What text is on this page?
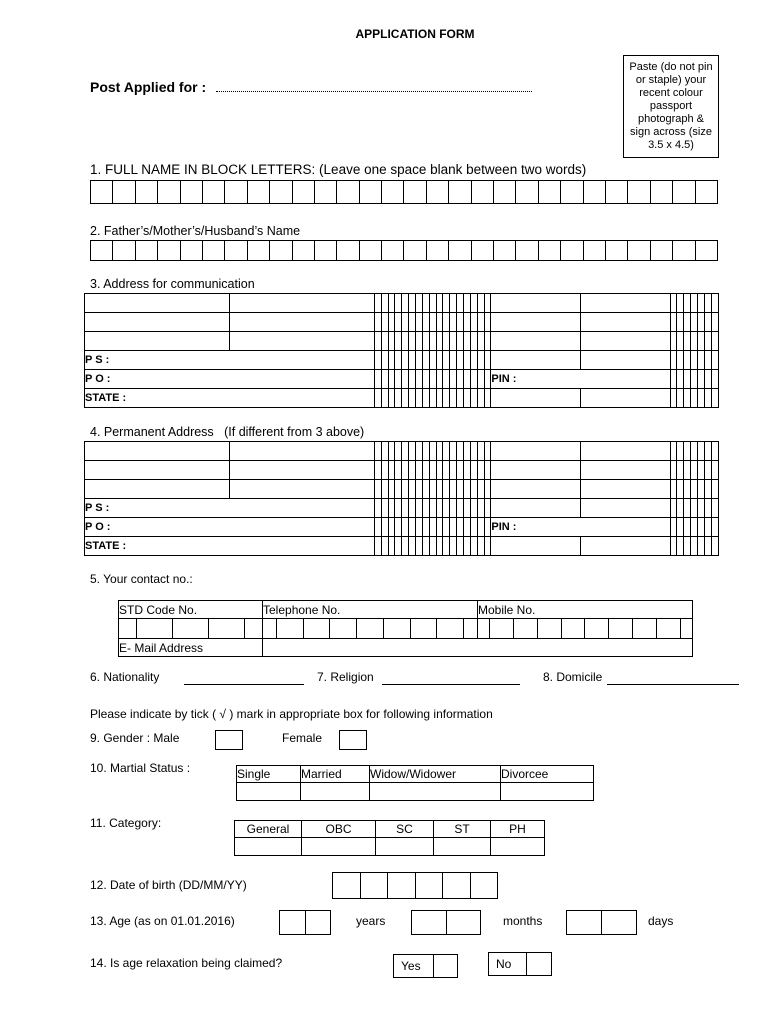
APPLICATION FORM
Post Applied for :
Paste (do not pin or staple) your recent colour passport photograph & sign across (size 3.5 x 4.5)
1. FULL NAME IN BLOCK LETTERS: (Leave one space blank between two words)

2. Father’s/Mother’s/Husband’s Name

3. Address for communication

P S :																											
P O :																			PIN :								
STATE :																											
4. Permanent Address (If different from 3 above)

P S :																											
P O :																			PIN :								
STATE :																											
5. Your contact no.:
STD Code No.	Telephone No.	Mobile No.

E- Mail Address	
6. Nationality	7. Religion	8. Domicile
Please indicate by tick ( √ ) mark in appropriate box for following information
9. Gender : Male	Female
10. Martial Status :	Single	Married	Widow/Widower	Divorcee

11. Category:	General	OBC	SC	ST	PH

12. Date of birth (DD/MM/YY)

13. Age (as on 01.01.2016)
		years
		months
		days
14. Is age relaxation being claimed?	Yes		No	
